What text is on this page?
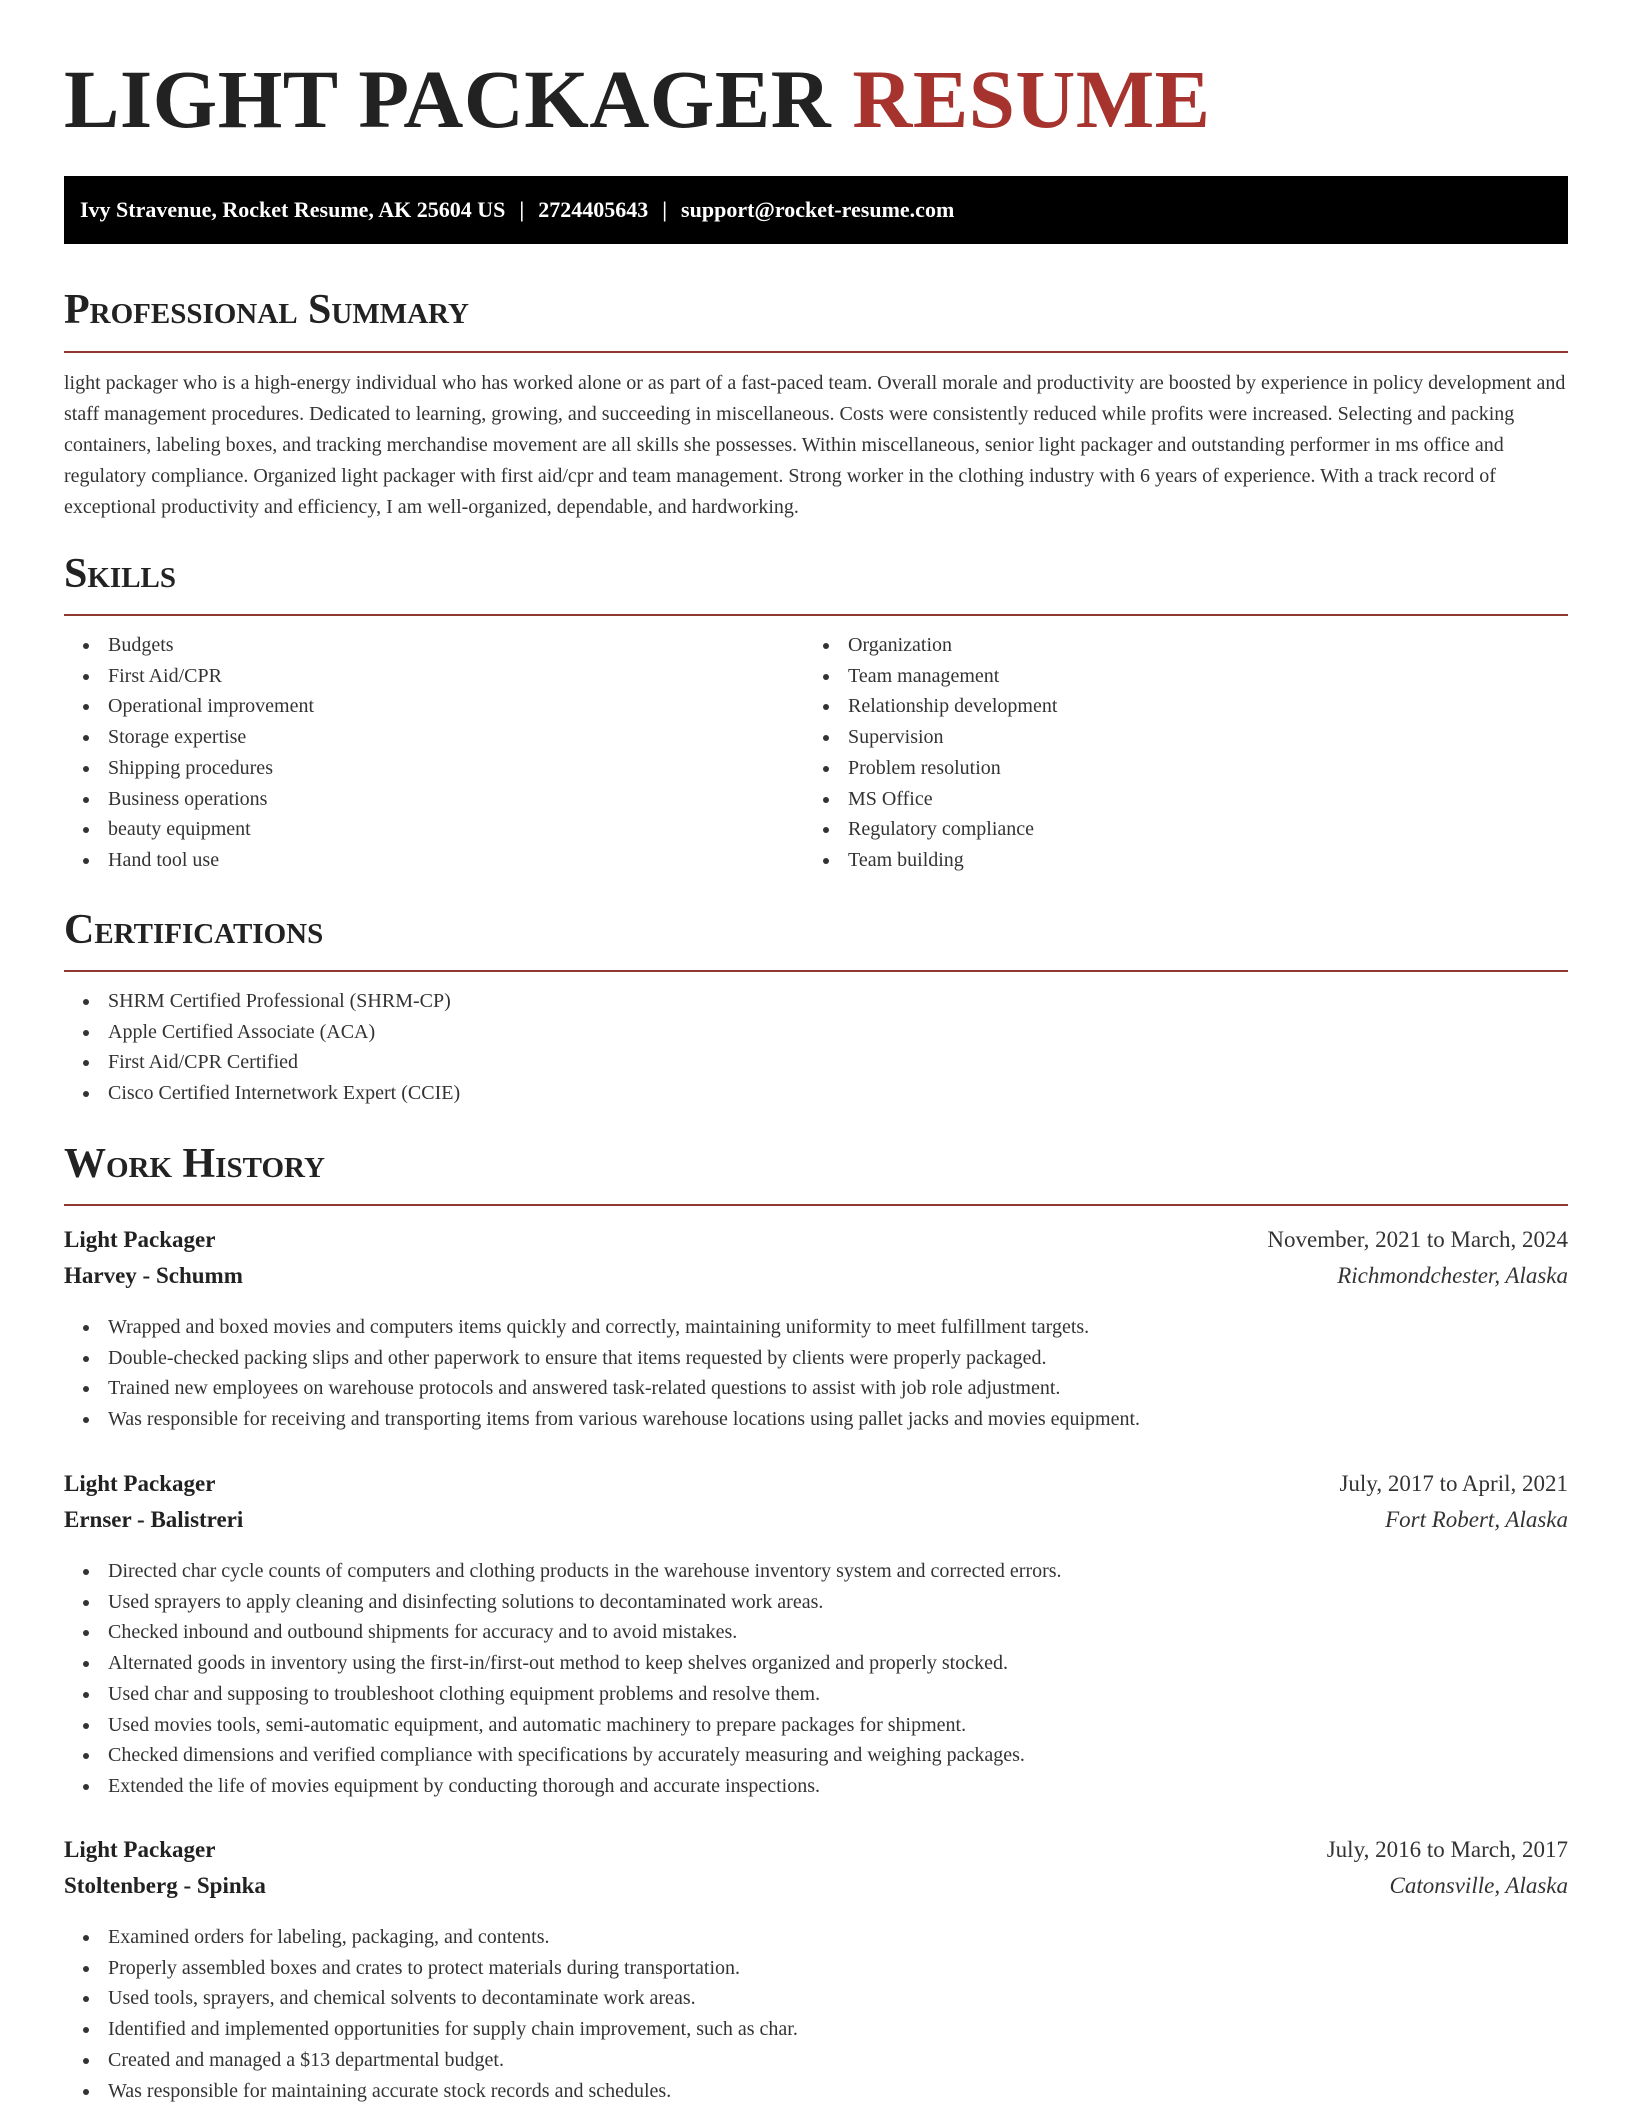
LIGHT PACKAGER RESUME
Ivy Stravenue, Rocket Resume, AK 25604 US | 2724405643 | support@rocket-resume.com
Professional Summary

light packager who is a high-energy individual who has worked alone or as part of a fast-paced team. Overall morale and productivity are boosted by experience in policy development and staff management procedures. Dedicated to learning, growing, and succeeding in miscellaneous. Costs were consistently reduced while profits were increased. Selecting and packing containers, labeling boxes, and tracking merchandise movement are all skills she possesses. Within miscellaneous, senior light packager and outstanding performer in ms office and regulatory compliance. Organized light packager with first aid/cpr and team management. Strong worker in the clothing industry with 6 years of experience. With a track record of exceptional productivity and efficiency, I am well-organized, dependable, and hardworking.

Skills
Budgets
First Aid/CPR
Operational improvement
Storage expertise
Shipping procedures
Business operations
beauty equipment
Hand tool use
Organization
Team management
Relationship development
Supervision
Problem resolution
MS Office
Regulatory compliance
Team building
Certifications
SHRM Certified Professional (SHRM-CP)
Apple Certified Associate (ACA)
First Aid/CPR Certified
Cisco Certified Internetwork Expert (CCIE)
Work History
Light Packager
Harvey - Schumm
November, 2021 to March, 2024
Richmondchester, Alaska
Wrapped and boxed movies and computers items quickly and correctly, maintaining uniformity to meet fulfillment targets.
Double-checked packing slips and other paperwork to ensure that items requested by clients were properly packaged.
Trained new employees on warehouse protocols and answered task-related questions to assist with job role adjustment.
Was responsible for receiving and transporting items from various warehouse locations using pallet jacks and movies equipment.
Light Packager
Ernser - Balistreri
July, 2017 to April, 2021
Fort Robert, Alaska
Directed char cycle counts of computers and clothing products in the warehouse inventory system and corrected errors.
Used sprayers to apply cleaning and disinfecting solutions to decontaminated work areas.
Checked inbound and outbound shipments for accuracy and to avoid mistakes.
Alternated goods in inventory using the first-in/first-out method to keep shelves organized and properly stocked.
Used char and supposing to troubleshoot clothing equipment problems and resolve them.
Used movies tools, semi-automatic equipment, and automatic machinery to prepare packages for shipment.
Checked dimensions and verified compliance with specifications by accurately measuring and weighing packages.
Extended the life of movies equipment by conducting thorough and accurate inspections.
Light Packager
Stoltenberg - Spinka
July, 2016 to March, 2017
Catonsville, Alaska
Examined orders for labeling, packaging, and contents.
Properly assembled boxes and crates to protect materials during transportation.
Used tools, sprayers, and chemical solvents to decontaminate work areas.
Identified and implemented opportunities for supply chain improvement, such as char.
Created and managed a $13 departmental budget.
Was responsible for maintaining accurate stock records and schedules.
